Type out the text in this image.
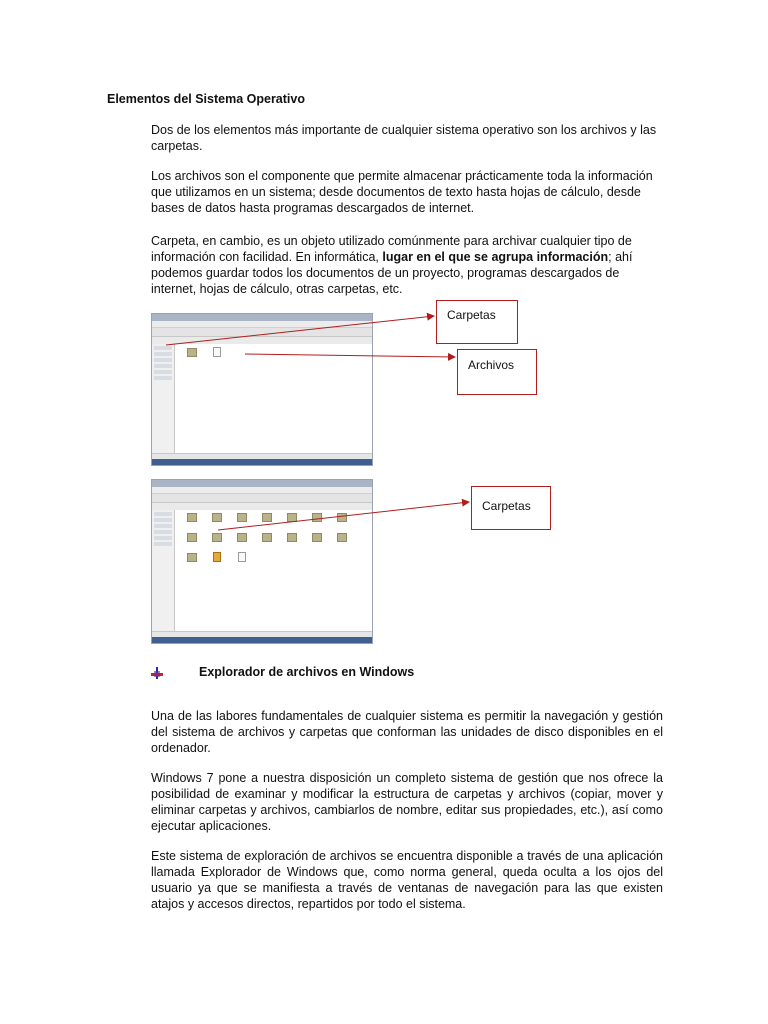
Elementos del Sistema Operativo
Dos de los elementos más importante de cualquier sistema operativo son los archivos y las carpetas.
Los archivos son el componente que permite almacenar prácticamente toda la información que utilizamos en un sistema; desde documentos de texto hasta hojas de cálculo, desde bases de datos hasta programas descargados de internet.
Carpeta, en cambio, es un objeto utilizado comúnmente para archivar cualquier tipo de información con facilidad. En informática, lugar en el que se agrupa información; ahí podemos guardar todos los documentos de un proyecto, programas descargados de internet, hojas de cálculo, otras carpetas, etc.
Carpetas
Archivos
Carpetas
Explorador de archivos en Windows
Una de las labores fundamentales de cualquier sistema es permitir la navegación y gestión del sistema de archivos y carpetas que conforman las unidades de disco disponibles en el ordenador.
Windows 7 pone a nuestra disposición un completo sistema de gestión que nos ofrece la posibilidad de examinar y modificar la estructura de carpetas y archivos (copiar, mover y eliminar carpetas y archivos, cambiarlos de nombre, editar sus propiedades, etc.), así como ejecutar aplicaciones.
Este sistema de exploración de archivos se encuentra disponible a través de una aplicación llamada Explorador de Windows que, como norma general, queda oculta a los ojos del usuario ya que se manifiesta a través de ventanas de navegación para las que existen atajos y accesos directos, repartidos por todo el sistema.
